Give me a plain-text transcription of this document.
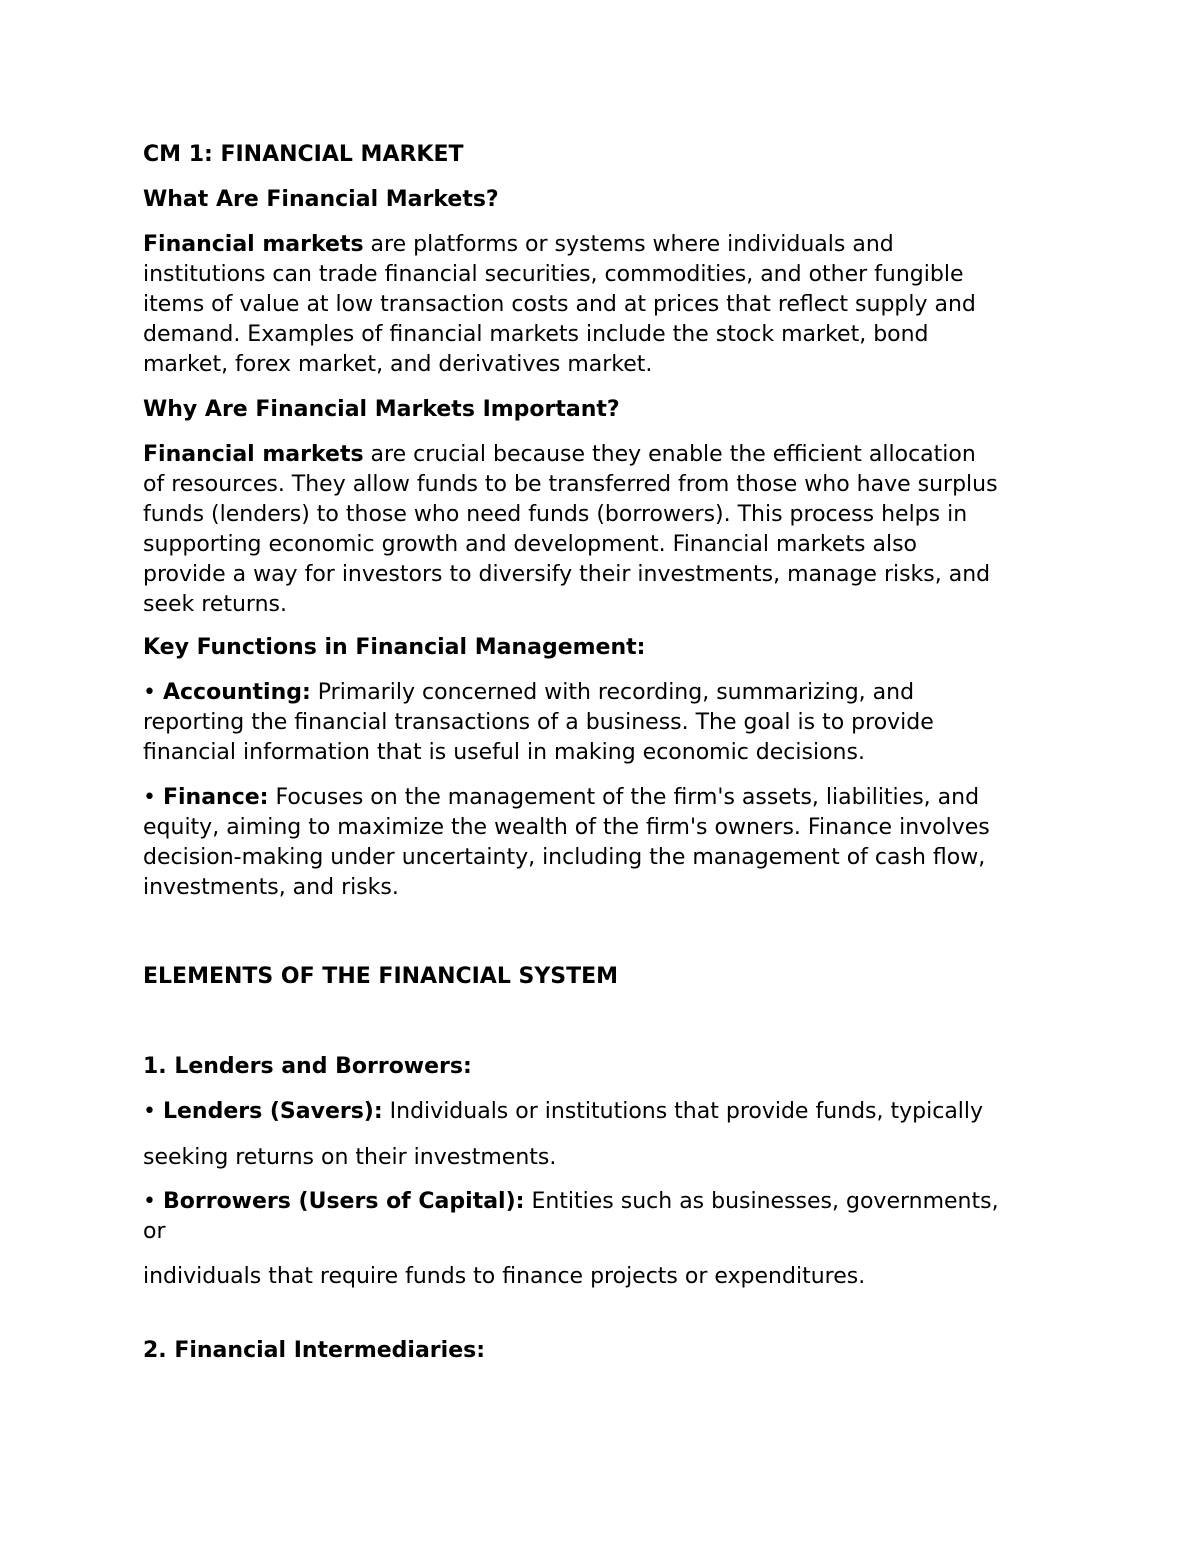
CM 1: FINANCIAL MARKET

What Are Financial Markets?

Financial markets are platforms or systems where individuals and
institutions can trade financial securities, commodities, and other fungible
items of value at low transaction costs and at prices that reflect supply and
demand. Examples of financial markets include the stock market, bond
market, forex market, and derivatives market.

Why Are Financial Markets Important?

Financial markets are crucial because they enable the efficient allocation
of resources. They allow funds to be transferred from those who have surplus
funds (lenders) to those who need funds (borrowers). This process helps in
supporting economic growth and development. Financial markets also
provide a way for investors to diversify their investments, manage risks, and
seek returns.

Key Functions in Financial Management:

• Accounting: Primarily concerned with recording, summarizing, and
reporting the financial transactions of a business. The goal is to provide
financial information that is useful in making economic decisions.
• Finance: Focuses on the management of the firm's assets, liabilities, and
equity, aiming to maximize the wealth of the firm's owners. Finance involves
decision-making under uncertainty, including the management of cash flow,
investments, and risks.

ELEMENTS OF THE FINANCIAL SYSTEM

1. Lenders and Borrowers:

• Lenders (Savers): Individuals or institutions that provide funds, typically

seeking returns on their investments.

• Borrowers (Users of Capital): Entities such as businesses, governments,

or

individuals that require funds to finance projects or expenditures.

2. Financial Intermediaries:
